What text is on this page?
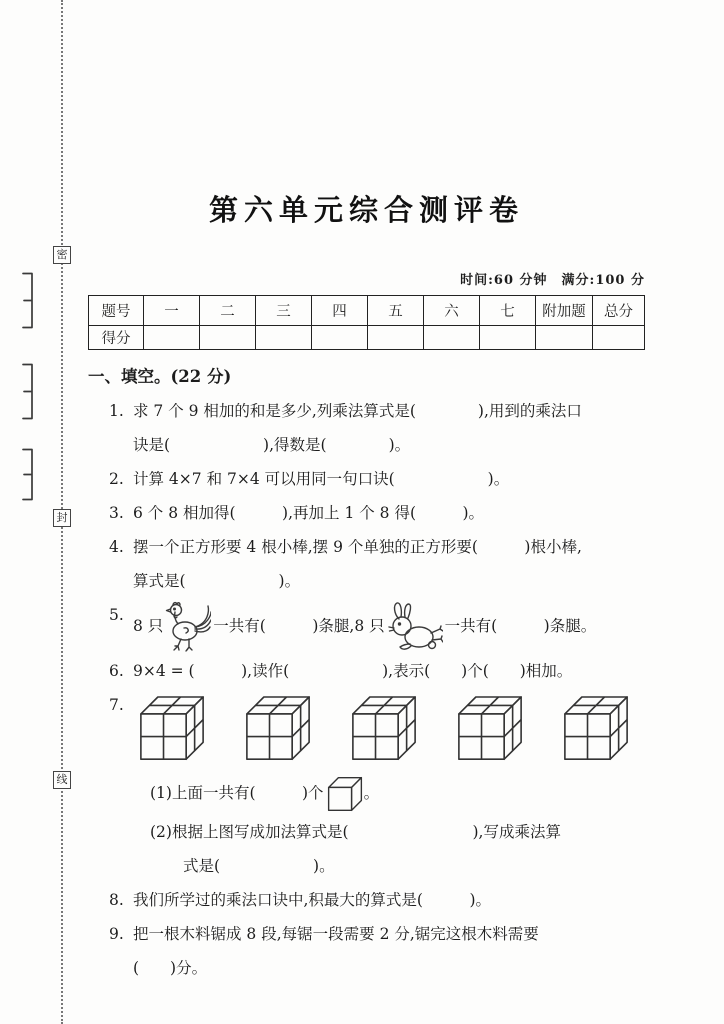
密
封
线
第六单元综合测评卷
时间:60 分钟　满分:100 分
题号	一	二	三	四	五	六	七	附加题	总分
得分									
一、填空。(22 分)
1. 求 7 个 9 相加的和是多少,列乘法算式是(　　　　),用到的乘法口
诀是(　　　　　　),得数是(　　　　)。
2. 计算 4×7 和 7×4 可以用同一句口诀(　　　　　　)。
3. 6 个 8 相加得(　　　),再加上 1 个 8 得(　　　)。
4. 摆一个正方形要 4 根小棒,摆 9 个单独的正方形要(　　　)根小棒,
算式是(　　　　　　)。
5.
8 只	一共有(　　　)条腿,8 只	一共有(　　　)条腿。
6. 9×4 = (　　　),读作(　　　　　　),表示(　　)个(　　)相加。
7.
(1)上面一共有(　　　)个	。
(2)根据上图写成加法算式是(　　　　　　　　),写成乘法算
式是(　　　　　　)。
8. 我们所学过的乘法口诀中,积最大的算式是(　　　)。
9. 把一根木料锯成 8 段,每锯一段需要 2 分,锯完这根木料需要
(　　)分。
